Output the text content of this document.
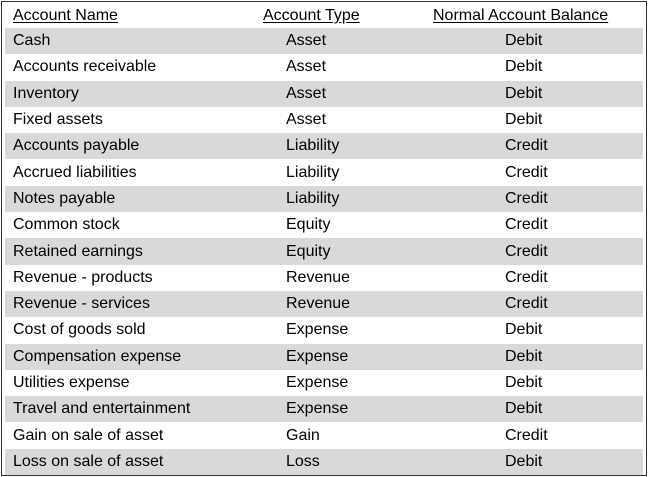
Account Name	Account Type	Normal Account Balance
Cash	Asset	Debit
Accounts receivable	Asset	Debit
Inventory	Asset	Debit
Fixed assets	Asset	Debit
Accounts payable	Liability	Credit
Accrued liabilities	Liability	Credit
Notes payable	Liability	Credit
Common stock	Equity	Credit
Retained earnings	Equity	Credit
Revenue - products	Revenue	Credit
Revenue - services	Revenue	Credit
Cost of goods sold	Expense	Debit
Compensation expense	Expense	Debit
Utilities expense	Expense	Debit
Travel and entertainment	Expense	Debit
Gain on sale of asset	Gain	Credit
Loss on sale of asset	Loss	Debit
